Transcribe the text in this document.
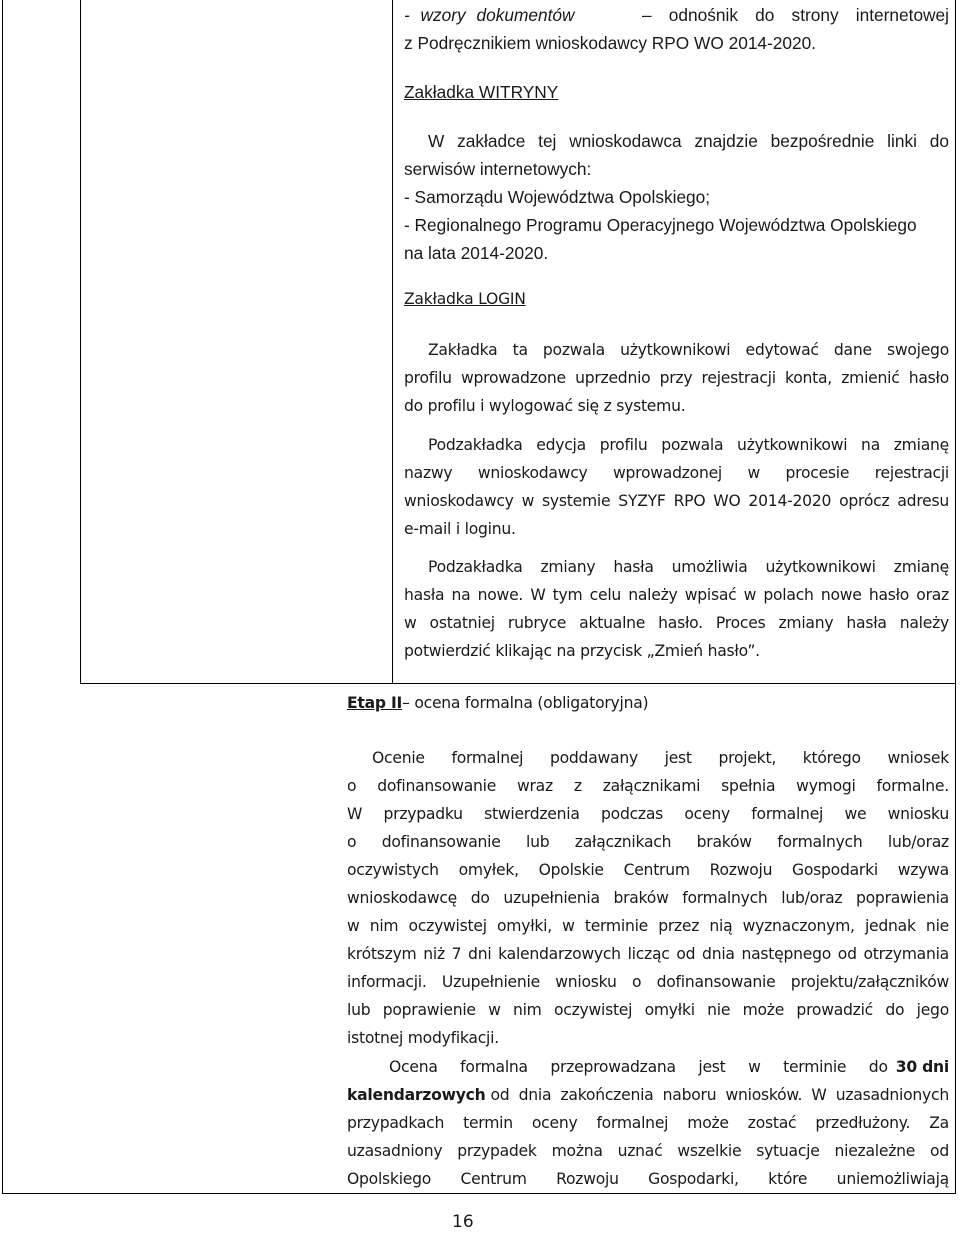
- wzory dokumentów	– odnośnik do strony internetowej
z Podręcznikiem wnioskodawcy RPO WO 2014-2020.
Zakładka WITRYNY
W zakładce tej wnioskodawca znajdzie bezpośrednie linki do
serwisów internetowych:
- Samorządu Województwa Opolskiego;
- Regionalnego Programu Operacyjnego Województwa Opolskiego
na lata 2014-2020.
Zakładka LOGIN
Zakładka ta pozwala użytkownikowi edytować dane swojego
profilu wprowadzone uprzednio przy rejestracji konta, zmienić hasło
do profilu i wylogować się z systemu.
Podzakładka edycja profilu pozwala użytkownikowi na zmianę
nazwy wnioskodawcy wprowadzonej w procesie rejestracji
wnioskodawcy w systemie SYZYF RPO WO 2014-2020 oprócz adresu
e-mail i loginu.
Podzakładka zmiany hasła umożliwia użytkownikowi zmianę
hasła na nowe. W tym celu należy wpisać w polach nowe hasło oraz
w ostatniej rubryce aktualne hasło. Proces zmiany hasła należy
potwierdzić klikając na przycisk „Zmień hasło”.
Etap II– ocena formalna (obligatoryjna)
Ocenie formalnej poddawany jest projekt, którego wniosek
o dofinansowanie wraz z załącznikami spełnia wymogi formalne.
W przypadku stwierdzenia podczas oceny formalnej we wniosku
o dofinansowanie lub załącznikach braków formalnych lub/oraz
oczywistych omyłek, Opolskie Centrum Rozwoju Gospodarki wzywa
wnioskodawcę do uzupełnienia braków formalnych lub/oraz poprawienia
w nim oczywistej omyłki, w terminie przez nią wyznaczonym, jednak nie
krótszym niż 7 dni kalendarzowych licząc od dnia następnego od otrzymania
informacji. Uzupełnienie wniosku o dofinansowanie projektu/załączników
lub poprawienie w nim oczywistej omyłki nie może prowadzić do jego
istotnej modyfikacji.
Ocena formalna przeprowadzana jest w terminie do 30 dni
kalendarzowych od dnia zakończenia naboru wniosków. W uzasadnionych
przypadkach termin oceny formalnej może zostać przedłużony. Za
uzasadniony przypadek można uznać wszelkie sytuacje niezależne od
Opolskiego Centrum Rozwoju Gospodarki, które uniemożliwiają
16
